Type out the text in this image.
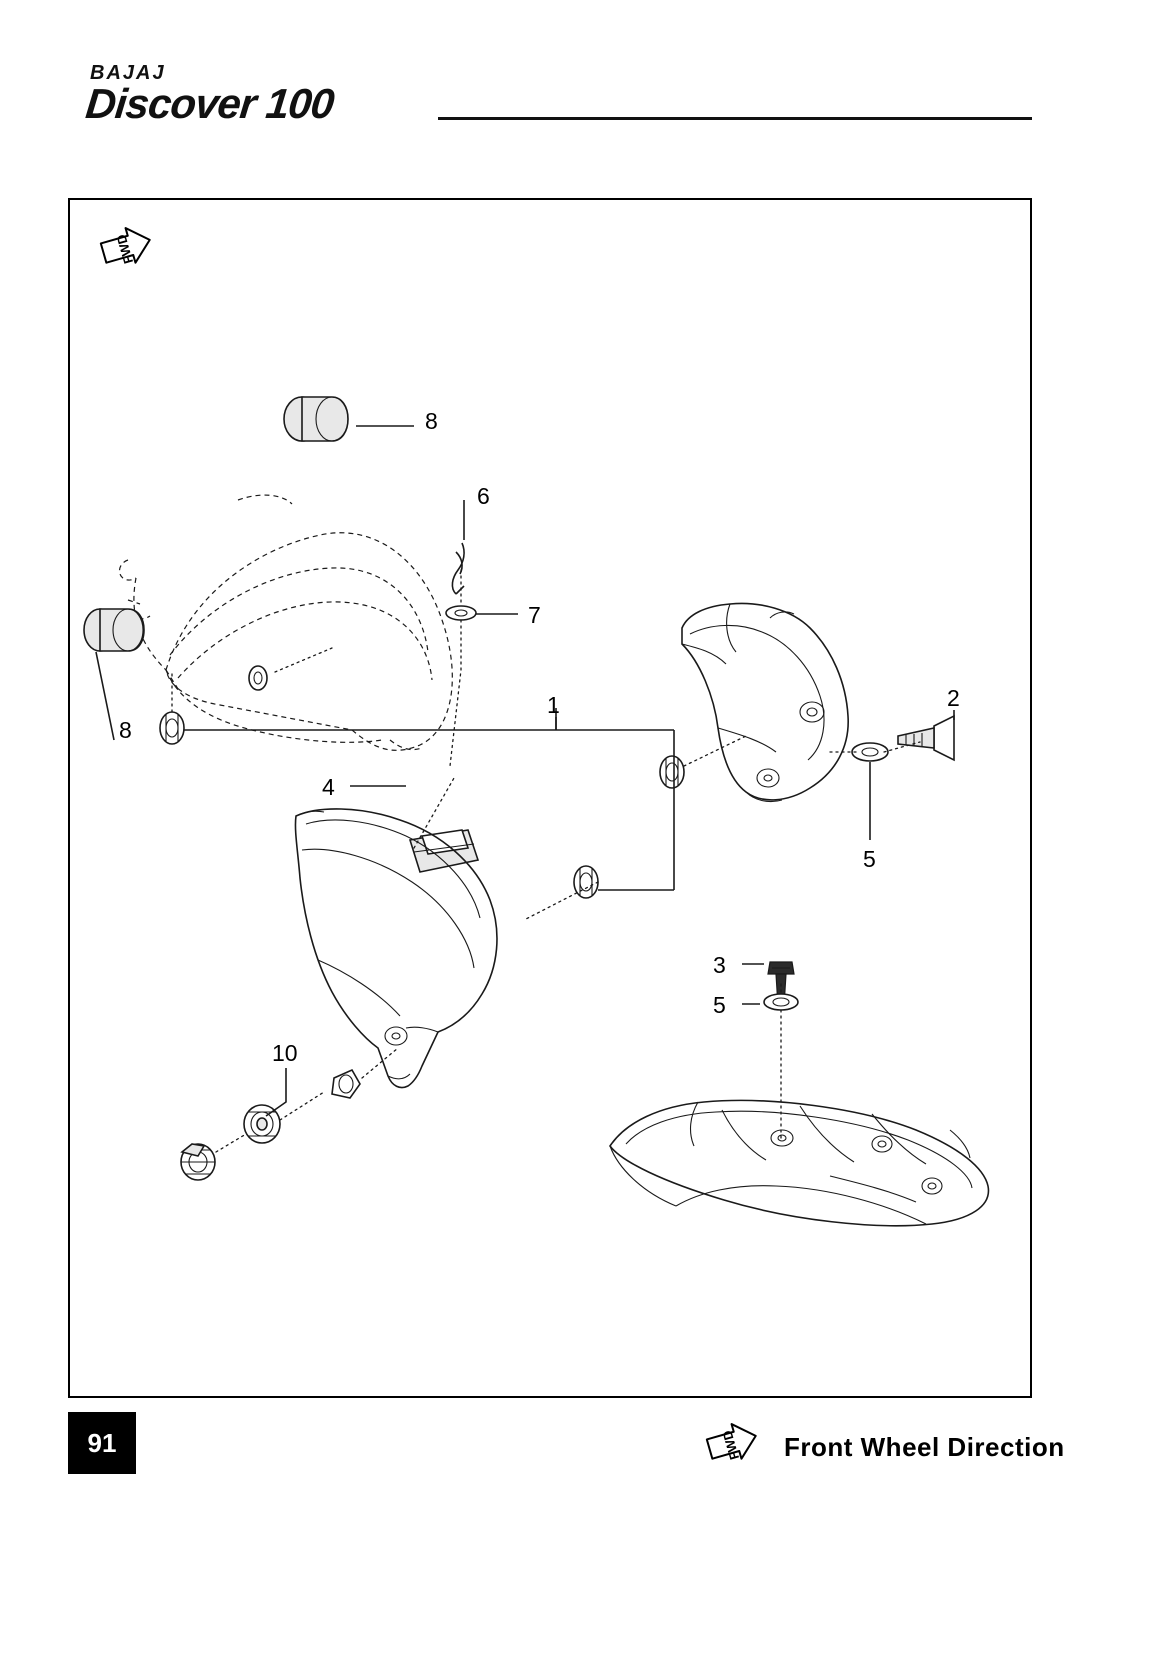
BAJAJ
Discover 100
FWD
8
6
7
8
1	2
4
5
3
5
10
91	FWD Front Wheel Direction
